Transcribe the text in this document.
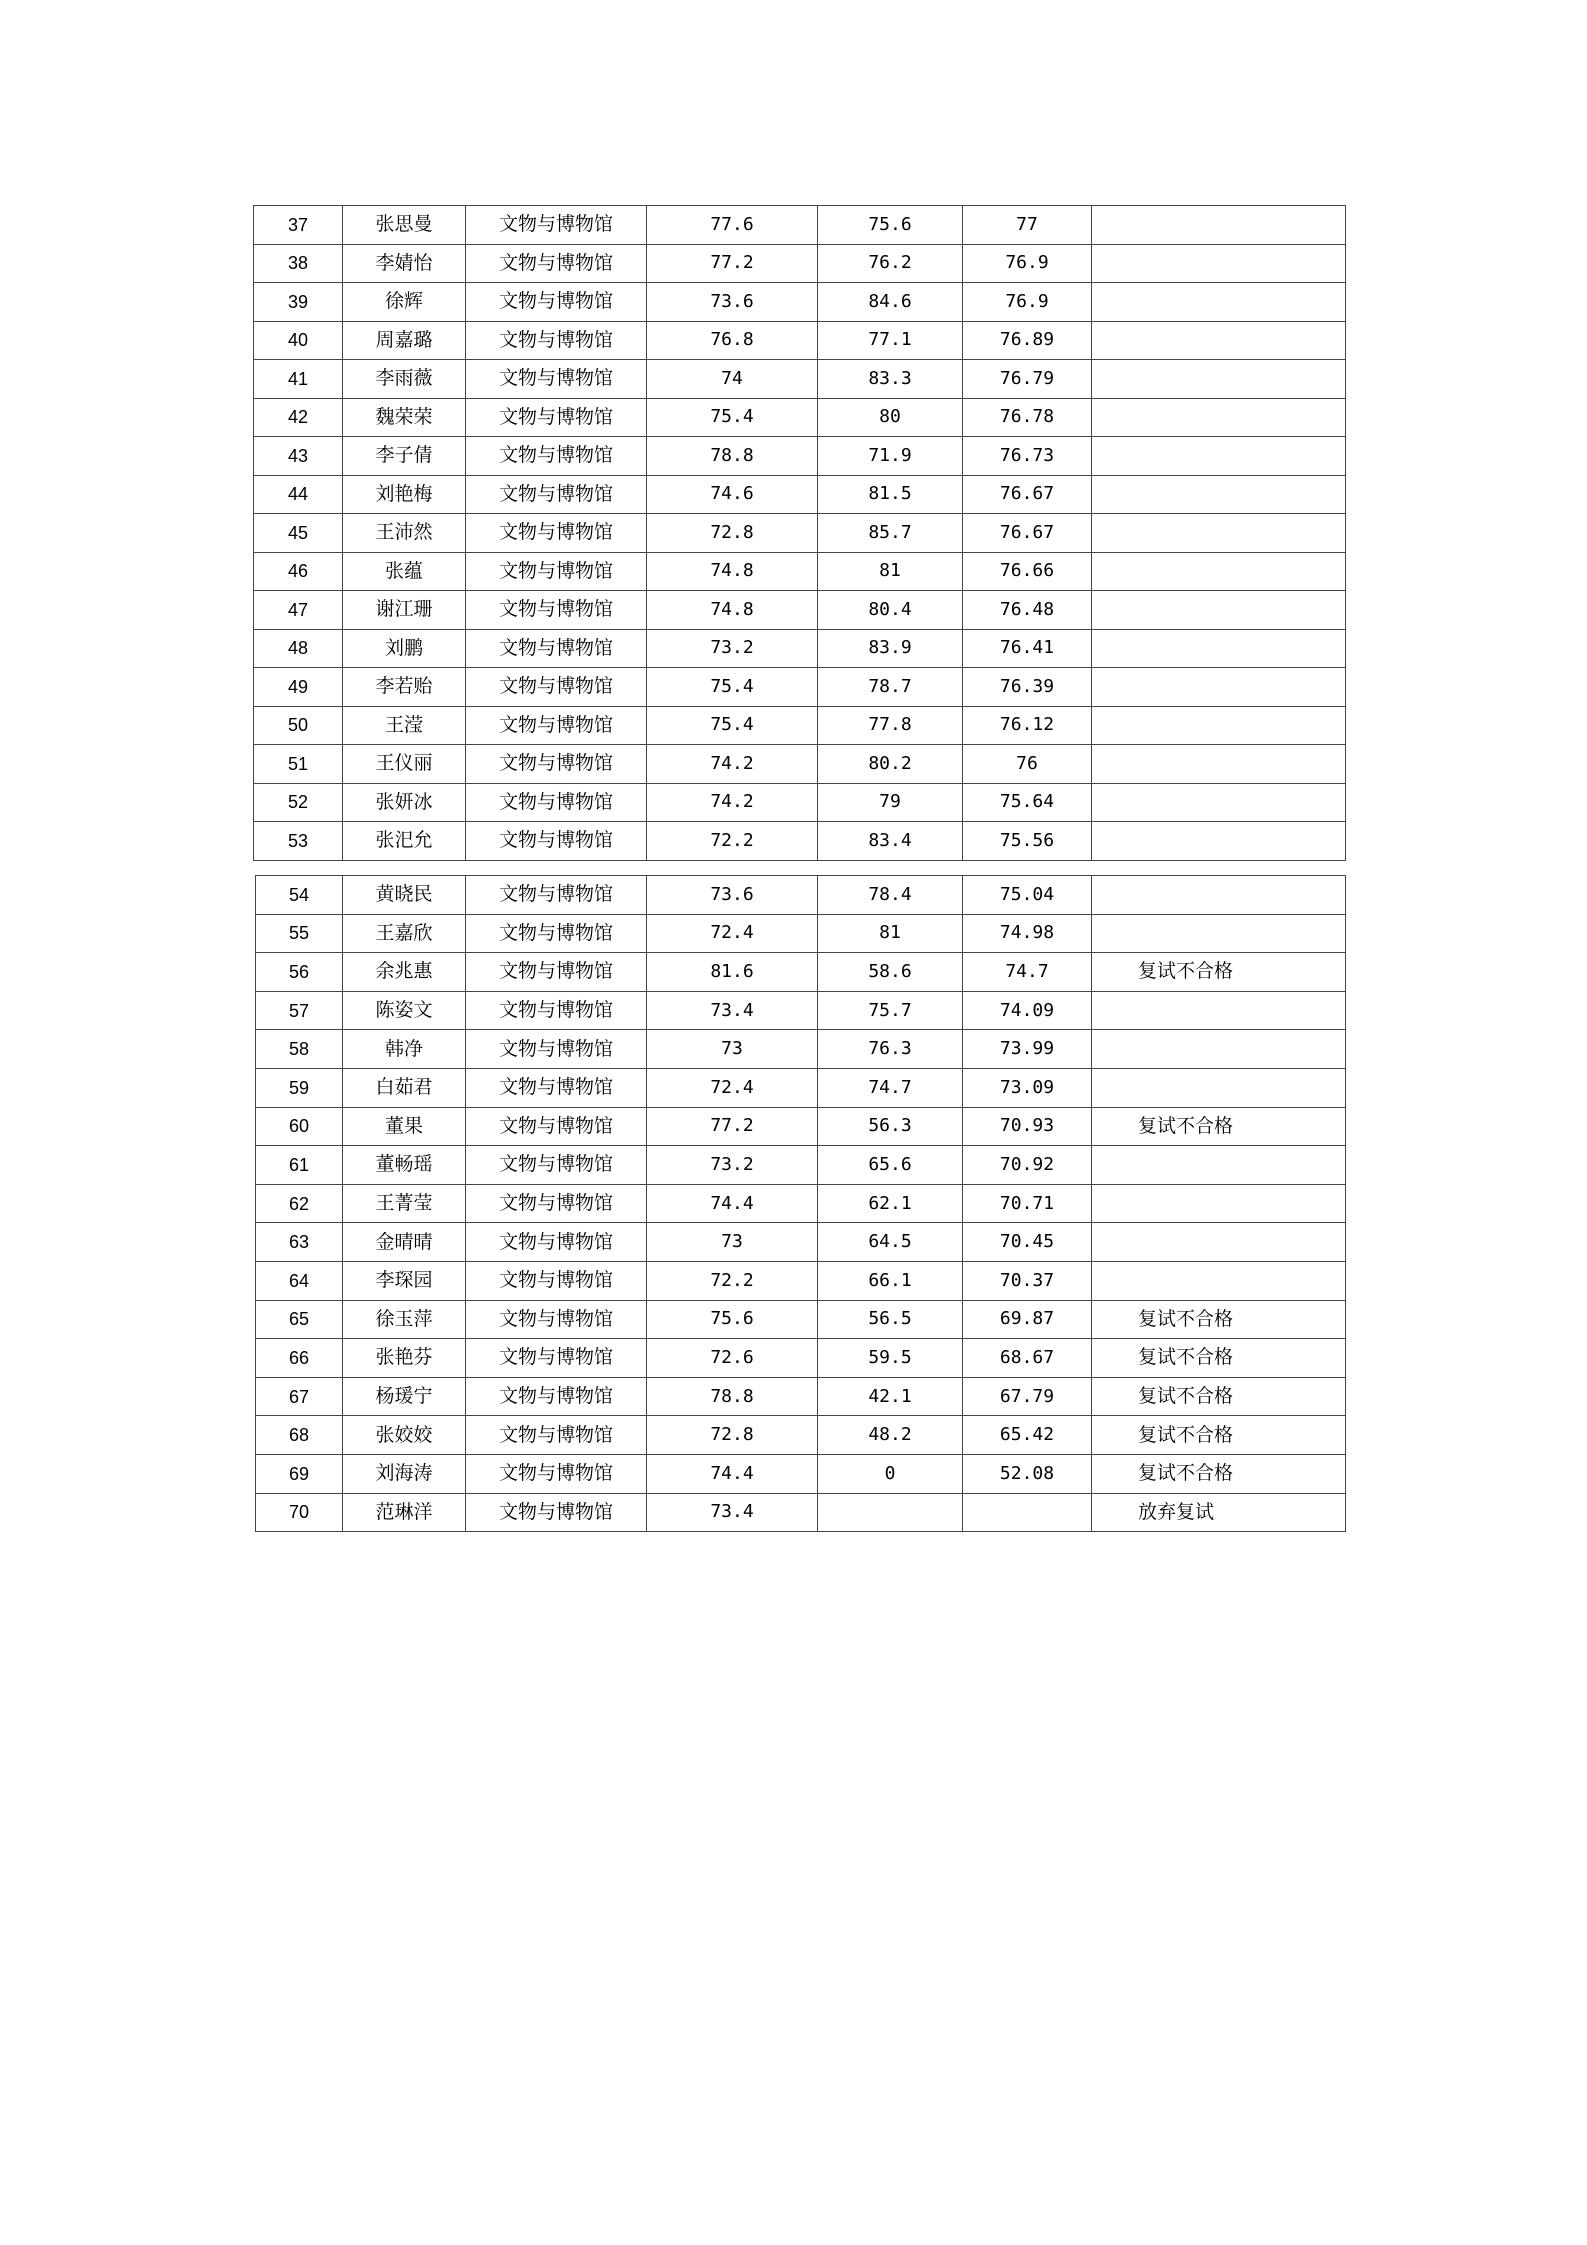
37	张思曼	文物与博物馆	77.6	75.6	77	
38	李婧怡	文物与博物馆	77.2	76.2	76.9	
39	徐辉	文物与博物馆	73.6	84.6	76.9	
40	周嘉璐	文物与博物馆	76.8	77.1	76.89	
41	李雨薇	文物与博物馆	74	83.3	76.79	
42	魏荣荣	文物与博物馆	75.4	80	76.78	
43	李子倩	文物与博物馆	78.8	71.9	76.73	
44	刘艳梅	文物与博物馆	74.6	81.5	76.67	
45	王沛然	文物与博物馆	72.8	85.7	76.67	
46	张蕴	文物与博物馆	74.8	81	76.66	
47	谢江珊	文物与博物馆	74.8	80.4	76.48	
48	刘鹏	文物与博物馆	73.2	83.9	76.41	
49	李若贻	文物与博物馆	75.4	78.7	76.39	
50	王滢	文物与博物馆	75.4	77.8	76.12	
51	王仪丽	文物与博物馆	74.2	80.2	76	
52	张妍冰	文物与博物馆	74.2	79	75.64	
53	张汜允	文物与博物馆	72.2	83.4	75.56	
54	黄晓民	文物与博物馆	73.6	78.4	75.04	
55	王嘉欣	文物与博物馆	72.4	81	74.98	
56	余兆惠	文物与博物馆	81.6	58.6	74.7	复试不合格
57	陈姿文	文物与博物馆	73.4	75.7	74.09	
58	韩净	文物与博物馆	73	76.3	73.99	
59	白茹君	文物与博物馆	72.4	74.7	73.09	
60	董果	文物与博物馆	77.2	56.3	70.93	复试不合格
61	董畅瑶	文物与博物馆	73.2	65.6	70.92	
62	王菁莹	文物与博物馆	74.4	62.1	70.71	
63	金晴晴	文物与博物馆	73	64.5	70.45	
64	李琛园	文物与博物馆	72.2	66.1	70.37	
65	徐玉萍	文物与博物馆	75.6	56.5	69.87	复试不合格
66	张艳芬	文物与博物馆	72.6	59.5	68.67	复试不合格
67	杨瑗宁	文物与博物馆	78.8	42.1	67.79	复试不合格
68	张姣姣	文物与博物馆	72.8	48.2	65.42	复试不合格
69	刘海涛	文物与博物馆	74.4	0	52.08	复试不合格
70	范琳洋	文物与博物馆	73.4			放弃复试
